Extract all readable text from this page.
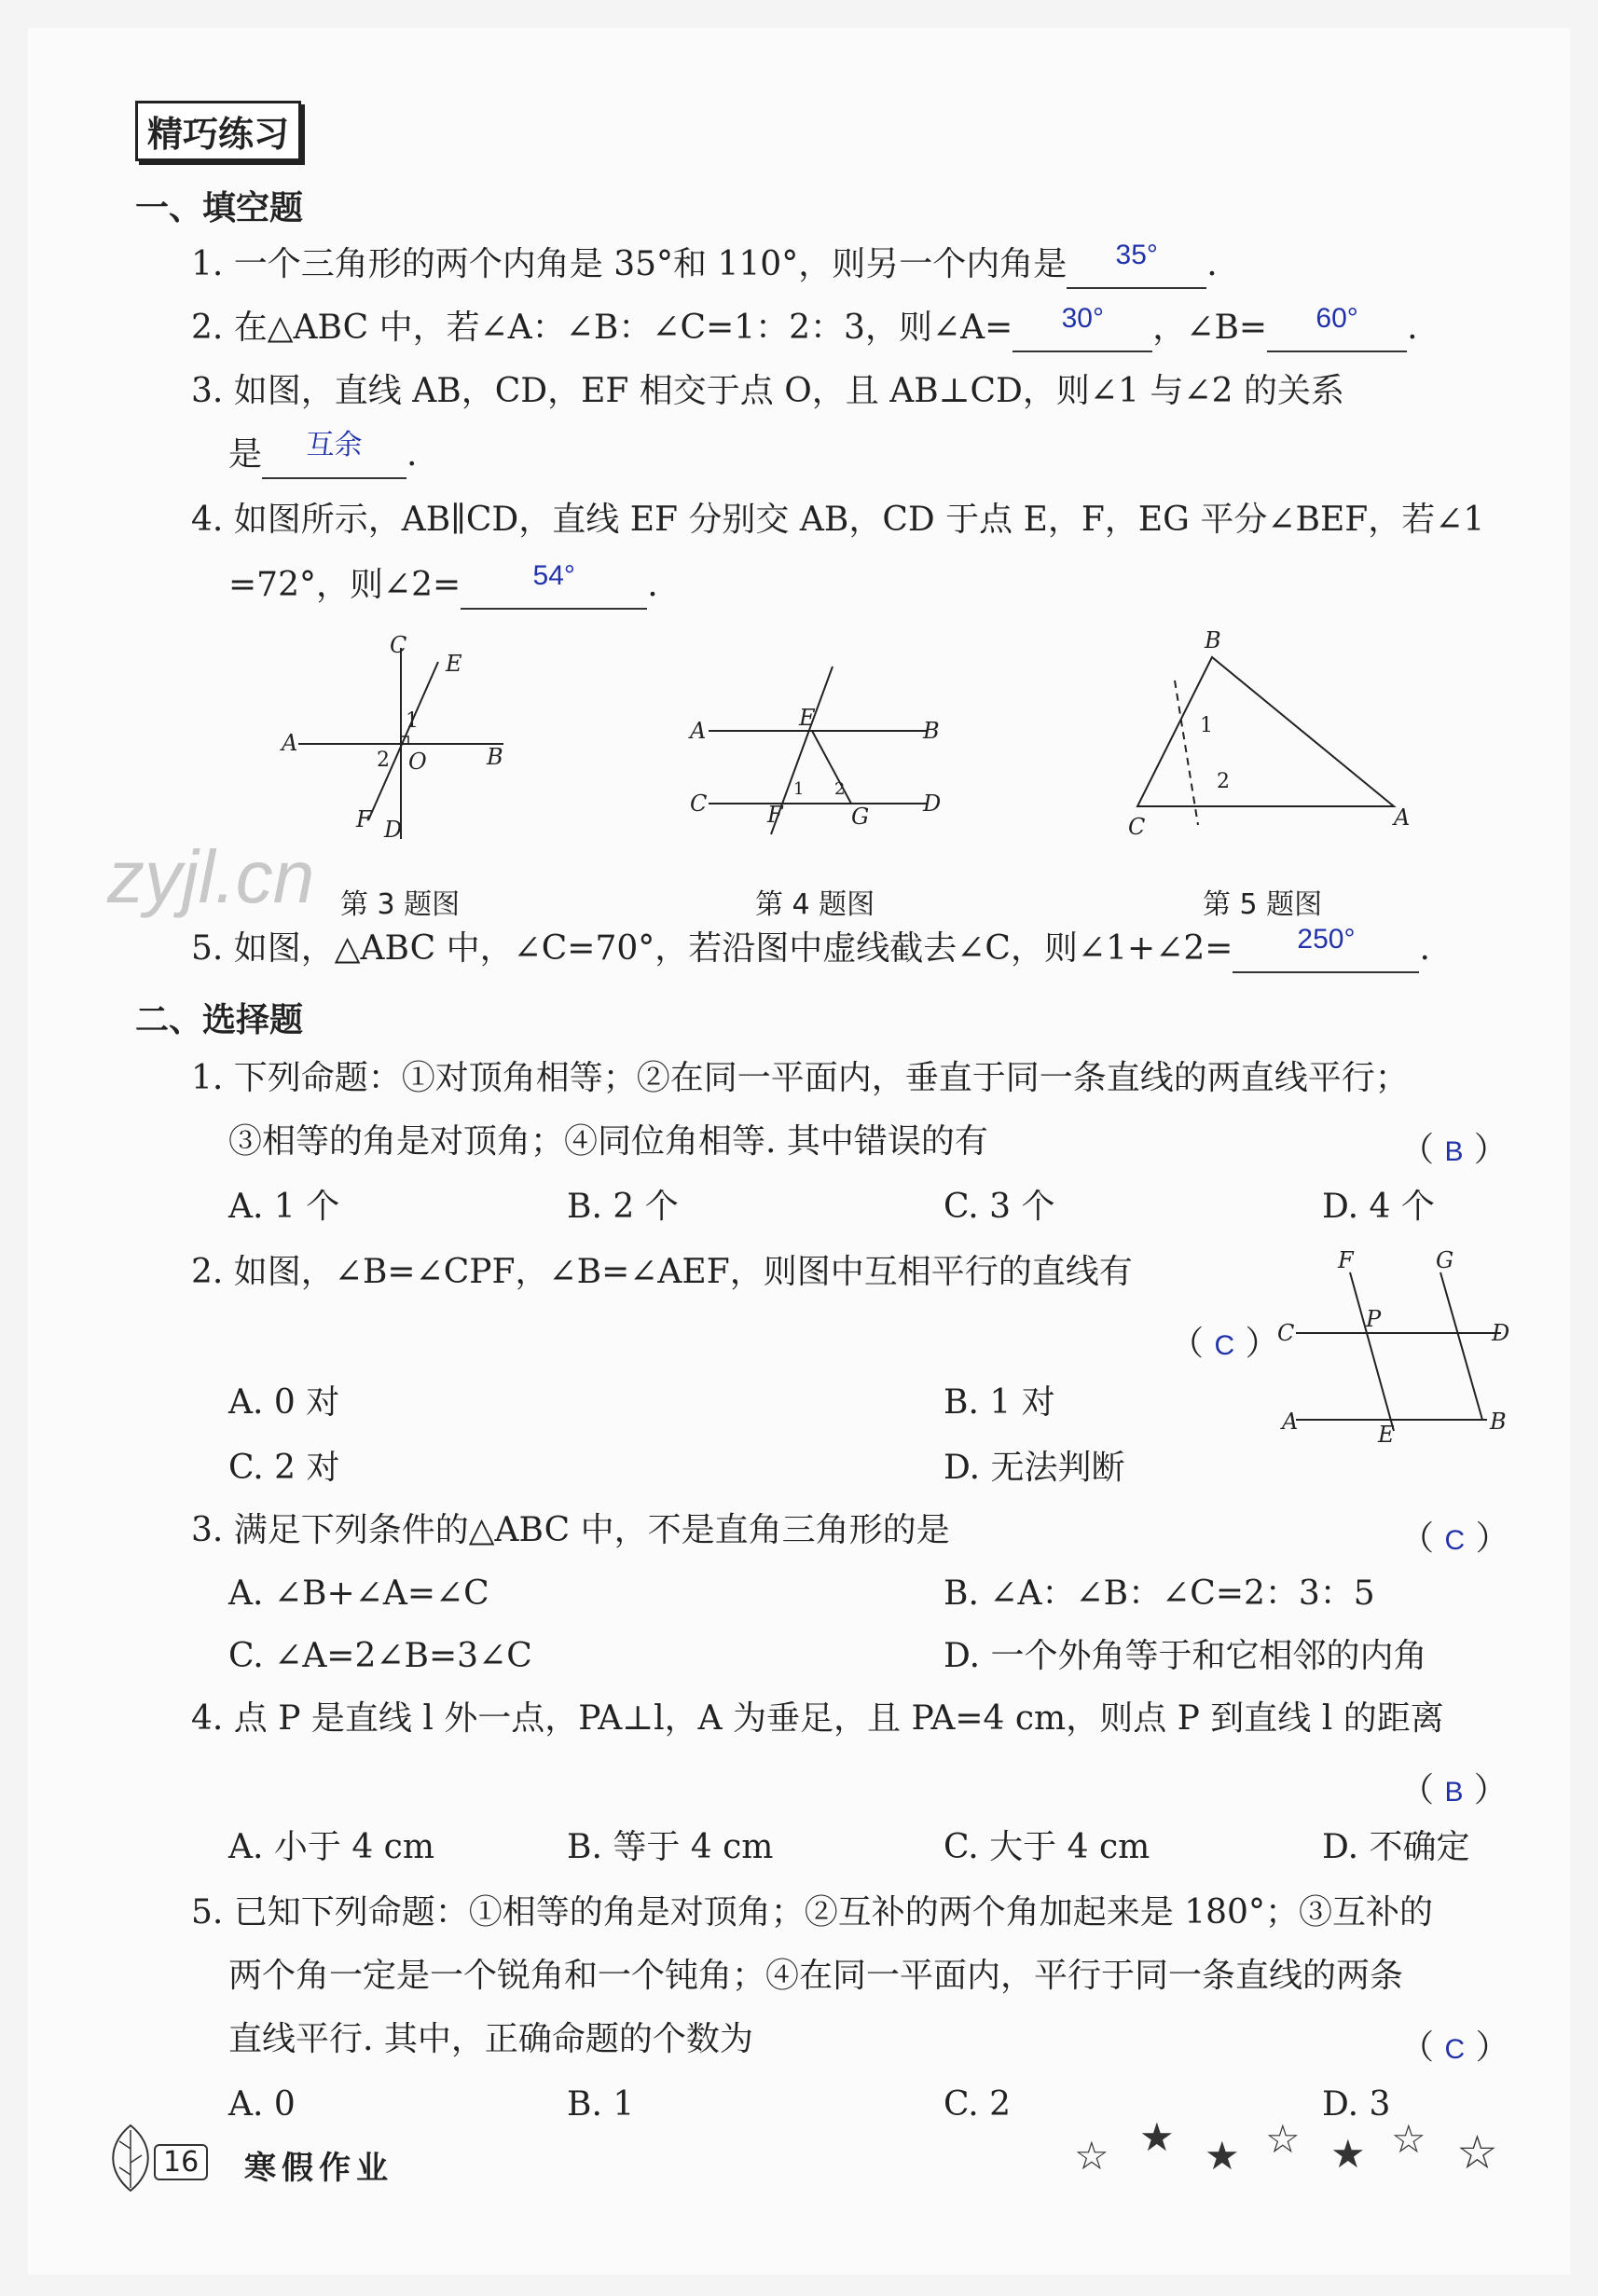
精巧练习
一、填空题
1. 一个三角形的两个内角是 35°和 110°，则另一个内角是 $^{35^\circ}$ .
2. 在△ABC 中，若∠A：∠B：∠C=1：2：3，则∠A= $^{30^\circ}$ ，∠B= $^{60^\circ}$ .
3. 如图，直线 AB，CD，EF 相交于点 O，且 AB⊥CD，则∠1 与∠2 的关系
是 $^{互余}$ .
4. 如图所示，AB∥CD，直线 EF 分别交 AB，CD 于点 E，F，EG 平分∠BEF，若∠1
=72°，则∠2=	$^{54^\circ}$ .
C
E
A
B
2 O
1
F D
A	E	B
C	F
1 2
G D
B
1
2
C	A
zyjl.cn 第 3 题图	第 4 题图	第 5 题图
5. 如图，△ABC 中，∠C=70°，若沿图中虚线截去∠C，则∠1+∠2= $^{250^\circ}$ .
二、选择题
1. 下列命题：①对顶角相等；②在同一平面内，垂直于同一条直线的两直线平行；
③相等的角是对顶角；④同位角相等. 其中错误的有	（ B ）
A. 1 个	B. 2 个	C. 3 个	D. 4 个
2. 如图，∠B=∠CPF，∠B=∠AEF，则图中互相平行的直线有
（ C ）
F	G
P
C	D
A	E	B
A. 0 对	B. 1 对
C. 2 对	D. 无法判断
3. 满足下列条件的△ABC 中，不是直角三角形的是	（ C ）
A. ∠B+∠A=∠C	B. ∠A：∠B：∠C=2：3：5
C. ∠A=2∠B=3∠C	D. 一个外角等于和它相邻的内角
4. 点 P 是直线 l 外一点，PA⊥l，A 为垂足，且 PA=4 cm，则点 P 到直线 l 的距离
（ B ）
A. 小于 4 cm	B. 等于 4 cm	C. 大于 4 cm	D. 不确定
5. 已知下列命题：①相等的角是对顶角；②互补的两个角加起来是 180°；③互补的
两个角一定是一个锐角和一个钝角；④在同一平面内，平行于同一条直线的两条
直线平行. 其中，正确命题的个数为	（ C ）
A. 0	B. 1	C. 2	D. 3
16 寒假作业	☆ ★ ★ ☆ ★ ☆ ☆
